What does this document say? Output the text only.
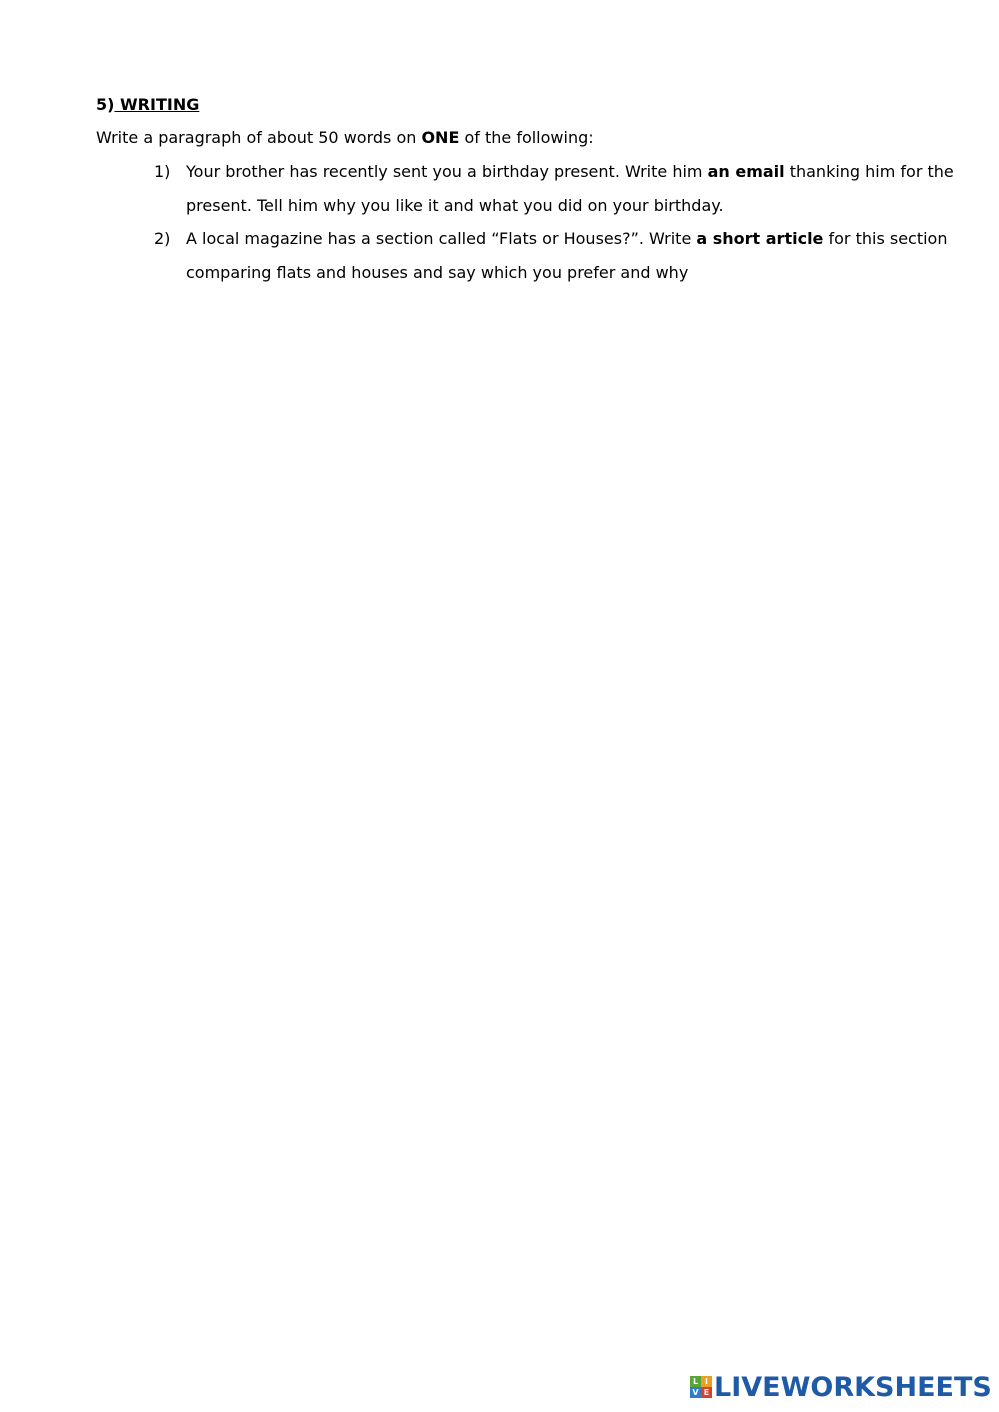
5) WRITING
Write a paragraph of about 50 words on ONE of the following:
1) Your brother has recently sent you a birthday present. Write him an email thanking him for the present. Tell him why you like it and what you did on your birthday.
2) A local magazine has a section called “Flats or Houses?”. Write a short article for this section comparing flats and houses and say which you prefer and why
L I
V E LIVEWORKSHEETS
